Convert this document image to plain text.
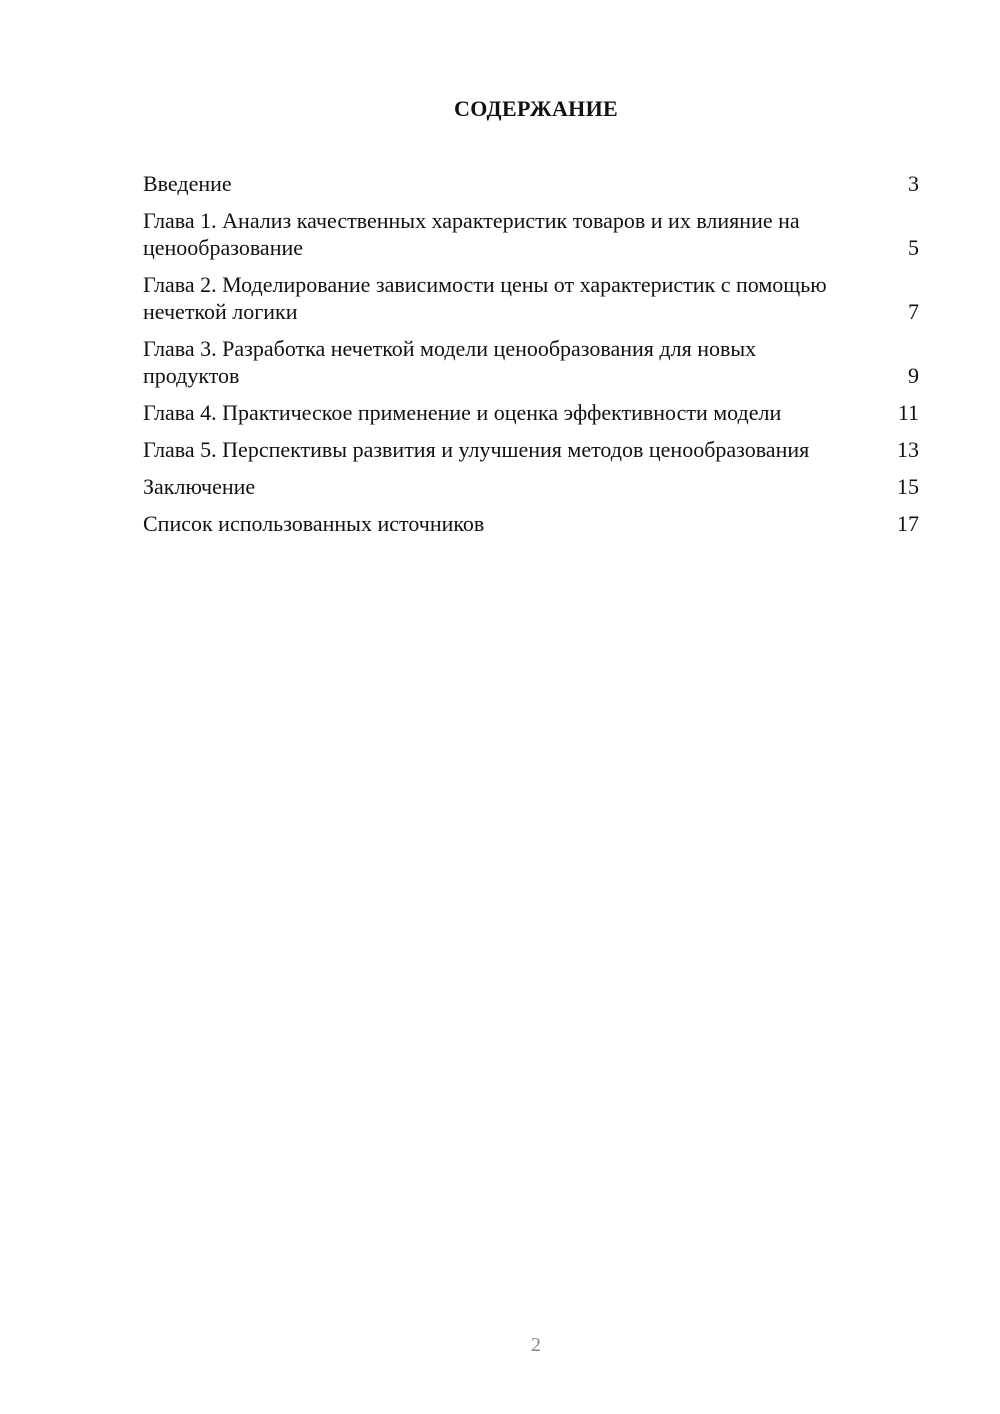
СОДЕРЖАНИЕ
Введение	3
Глава 1. Анализ качественных характеристик товаров и их влияние на ценообразование	5
Глава 2. Моделирование зависимости цены от характеристик с помощью нечеткой логики	7
Глава 3. Разработка нечеткой модели ценообразования для новых продуктов	9
Глава 4. Практическое применение и оценка эффективности модели	11
Глава 5. Перспективы развития и улучшения методов ценообразования	13
Заключение	15
Список использованных источников	17
2
